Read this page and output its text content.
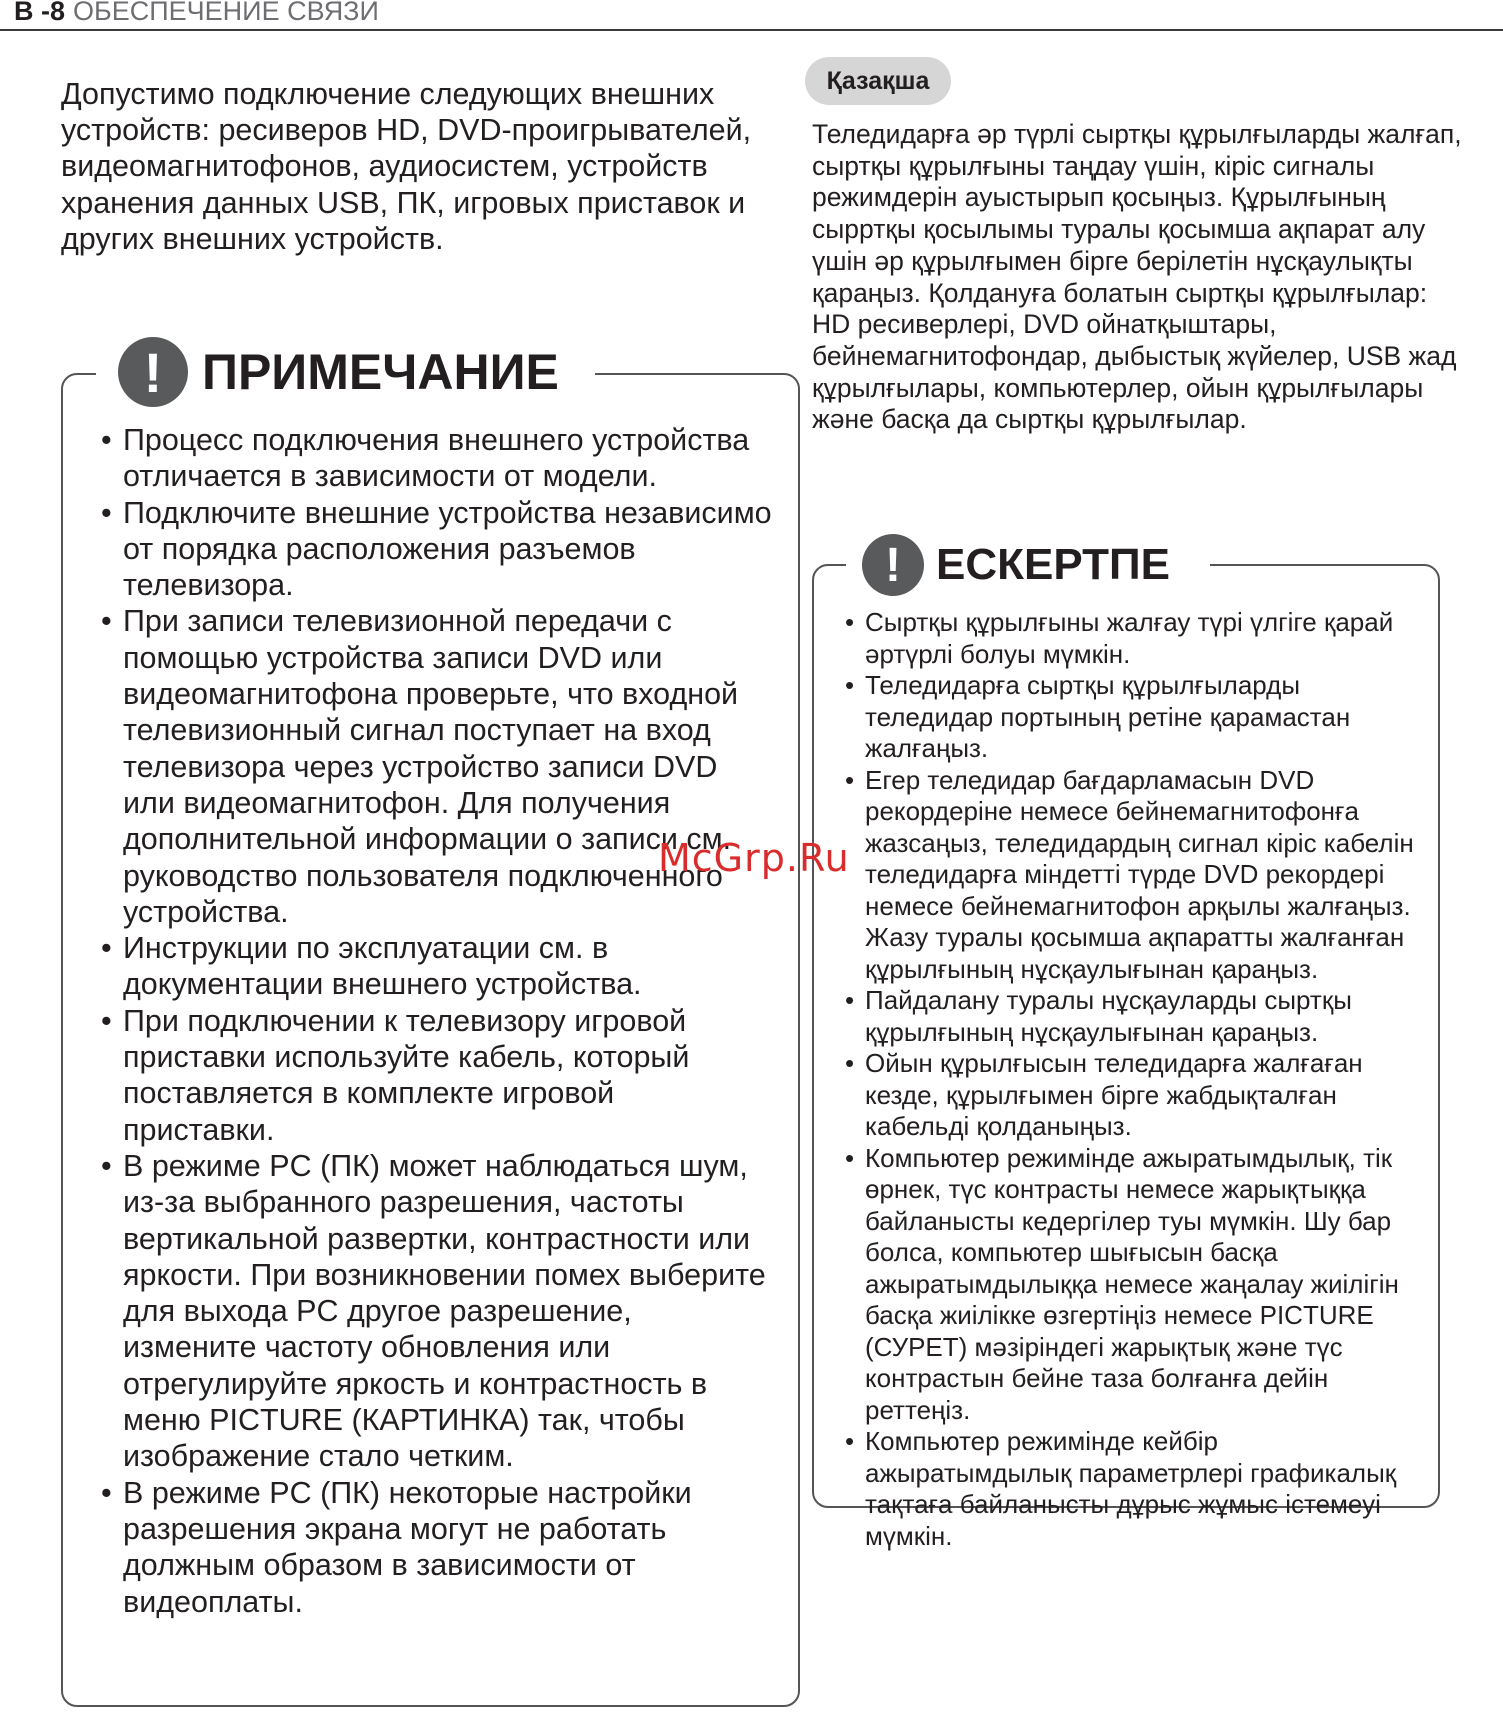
В -8 ОБЕСПЕЧЕНИЕ СВЯЗИ

Допустимо подключение следующих внешних устройств: ресиверов HD, DVD-проигрывателей, видеомагнитофонов, аудиосистем, устройств хранения данных USB, ПК, игровых приставок и других внешних устройств.

! ПРИМЕЧАНИЕ
• Процесс подключения внешнего устройства отличается в зависимости от модели.
• Подключите внешние устройства независимо от порядка расположения разъемов телевизора.
• При записи телевизионной передачи с помощью устройства записи DVD или видеомагнитофона проверьте, что входной телевизионный сигнал поступает на вход телевизора через устройство записи DVD или видеомагнитофон. Для получения дополнительной информации о записи см. руководство пользователя подключенного устройства.
• Инструкции по эксплуатации см. в документации внешнего устройства.
• При подключении к телевизору игровой приставки используйте кабель, который поставляется в комплекте игровой приставки.
• В режиме PC (ПК) может наблюдаться шум, из-за выбранного разрешения, частоты вертикальной развертки, контрастности или яркости. При возникновении помех выберите для выхода PC другое разрешение, измените частоту обновления или отрегулируйте яркость и контрастность в меню PICTURE (КАРТИНКА) так, чтобы изображение стало четким.
• В режиме PC (ПК) некоторые настройки разрешения экрана могут не работать должным образом в зависимости от видеоплаты.
Қазақша

Теледидарға әр түрлі сыртқы құрылғыларды жалғап, сыртқы құрылғыны таңдау үшін, кіріс сигналы режимдерін ауыстырып қосыңыз. Құрылғының сырртқы қосылымы туралы қосымша ақпарат алу үшін әр құрылғымен бірге берілетін нұсқаулықты қараңыз. Қолдануға болатын сыртқы құрылғылар: HD ресиверлері, DVD ойнатқыштары, бейнемагнитофондар, дыбыстық жүйелер, USB жад құрылғылары, компьютерлер, ойын құрылғылары және басқа да сыртқы құрылғылар.

! ЕСКЕРТПЕ
• Сыртқы құрылғыны жалғау түрі үлгіге қарай әртүрлі болуы мүмкін.
• Теледидарға сыртқы құрылғыларды теледидар портының ретіне қарамастан жалғаңыз.
• Егер теледидар бағдарламасын DVD рекордеріне немесе бейнемагнитофонға жазсаңыз, теледидардың сигнал кіріс кабелін теледидарға міндетті түрде DVD рекордері немесе бейнемагнитофон арқылы жалғаңыз. Жазу туралы қосымша ақпаратты жалғанған құрылғының нұсқаулығынан қараңыз.
• Пайдалану туралы нұсқауларды сыртқы құрылғының нұсқаулығынан қараңыз.
• Ойын құрылғысын теледидарға жалғаған кезде, құрылғымен бірге жабдықталған кабельді қолданыңыз.
• Компьютер режимінде ажыратымдылық, тік өрнек, түс контрасты немесе жарықтыққа байланысты кедергілер туы мүмкін. Шу бар болса, компьютер шығысын басқа ажыратымдылыққа немесе жаңалау жиілігін басқа жиілікке өзгертіңіз немесе PICTURE (СУРЕТ) мәзіріндегі жарықтық және түс контрастын бейне таза болғанға дейін реттеңіз.
• Компьютер режимінде кейбір ажыратымдылық параметрлері графикалық тақтаға байланысты дұрыс жұмыс істемеуі мүмкін.
McGrp.Ru
